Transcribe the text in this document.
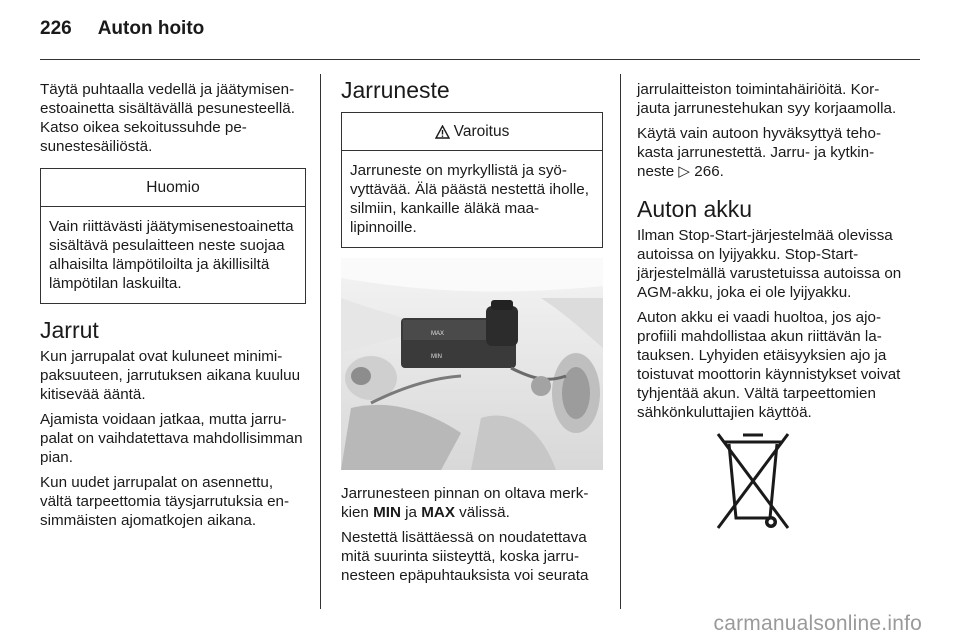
226 Auton hoito

Täytä puhtaalla vedellä ja jäätymisenestoainetta sisältävällä pesunesteellä. Katso oikea sekoitussuhde pesunestesäiliöstä.

Huomio
Vain riittävästi jäätymisenestoainetta sisältävä pesulaitteen neste suojaa alhaisilta lämpötiloilta ja äkillisiltä lämpötilan laskuilta.
Jarrut

Kun jarrupalat ovat kuluneet minimipaksuuteen, jarrutuksen aikana kuuluu kitisevää ääntä.

Ajamista voidaan jatkaa, mutta jarrupalat on vaihdatettava mahdollisimman pian.

Kun uudet jarrupalat on asennettu, vältä tarpeettomia täysjarrutuksia ensimmäisten ajomatkojen aikana.

Jarruneste
Varoitus
Jarruneste on myrkyllistä ja syövyttävää. Älä päästä nestettä iholle, silmiin, kankaille äläkä maalipinnoille.
MAX
MIN

Jarrunesteen pinnan on oltava merkkien MIN ja MAX välissä.

Nestettä lisättäessä on noudatettava mitä suurinta siisteyttä, koska jarrunesteen epäpuhtauksista voi seurata

jarrulaitteiston toimintahäiriöitä. Korjauta jarrunestehukan syy korjaamolla.

Käytä vain autoon hyväksyttyä tehokasta jarrunestettä. Jarru- ja kytkinneste ▷ 266.

Auton akku

Ilman Stop-Start-järjestelmää olevissa autoissa on lyijyakku. Stop-Start-järjestelmällä varustetuissa autoissa on AGM-akku, joka ei ole lyijyakku.

Auton akku ei vaadi huoltoa, jos ajoprofiili mahdollistaa akun riittävän latauksen. Lyhyiden etäisyyksien ajo ja toistuvat moottorin käynnistykset voivat tyhjentää akun. Vältä tarpeettomien sähkönkuluttajien käyttöä.

carmanualsonline.info
